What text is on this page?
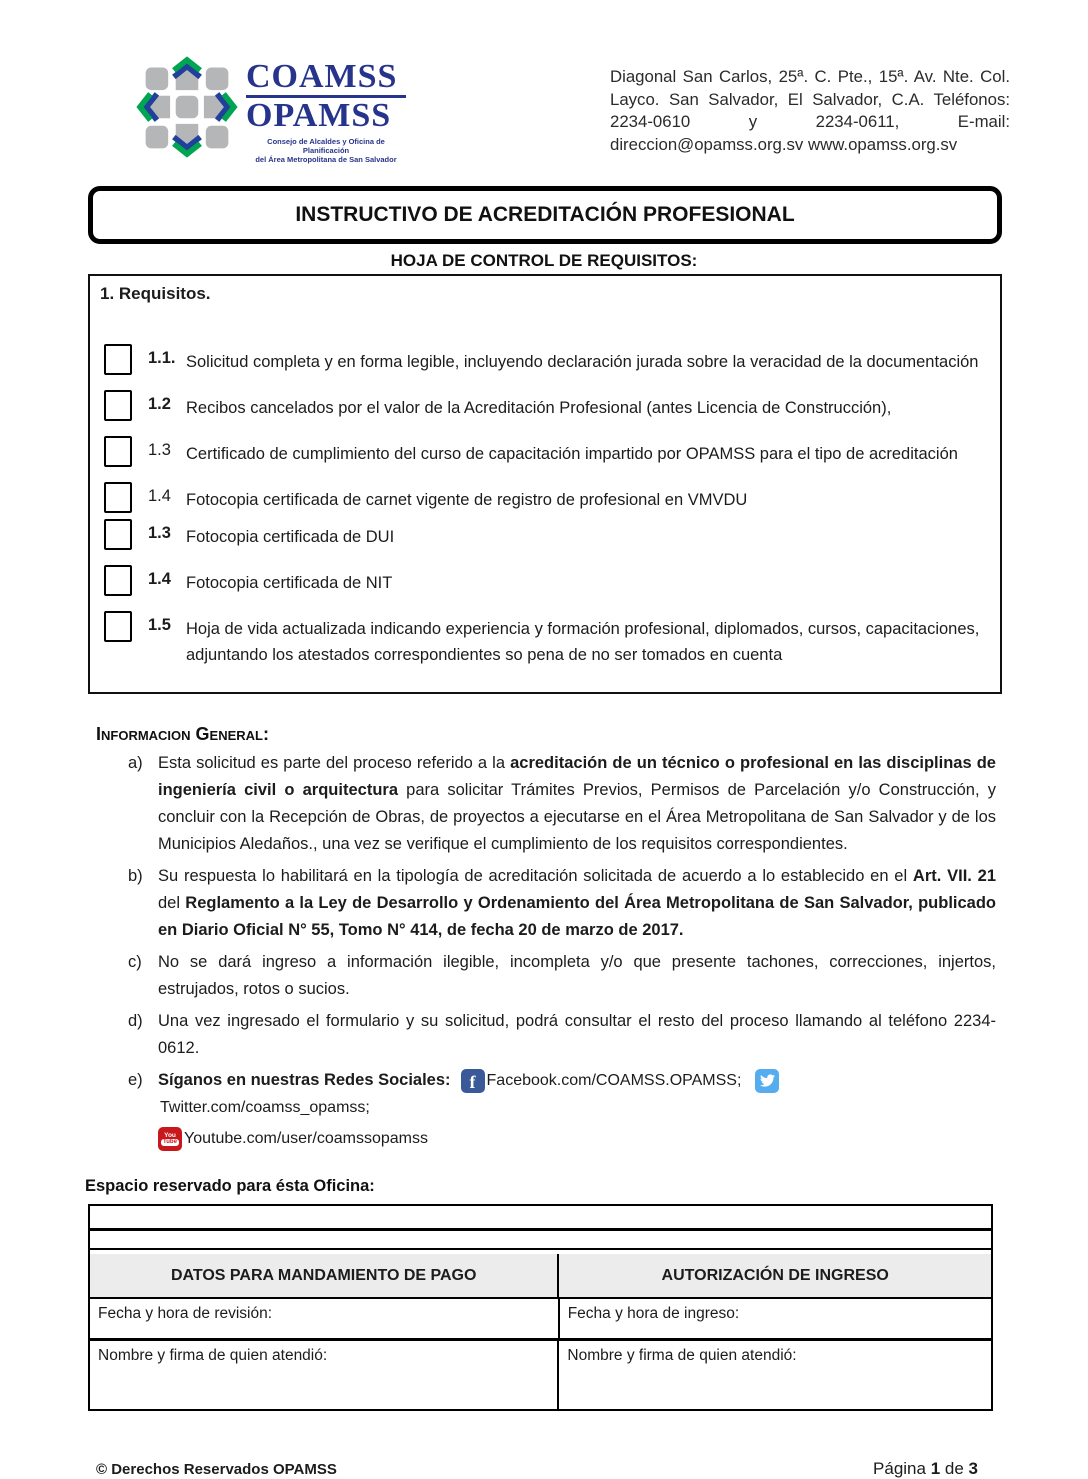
COAMSS
OPAMSS
Consejo de Alcaldes y Oficina de Planificación
del Área Metropolitana de San Salvador
Diagonal San Carlos, 25ª. C. Pte., 15ª. Av. Nte. Col. Layco. San Salvador, El Salvador, C.A. Teléfonos: 2234-0610 y 2234-0611, E-mail: direccion@opamss.org.sv www.opamss.org.sv
INSTRUCTIVO DE ACREDITACIÓN PROFESIONAL
HOJA DE CONTROL DE REQUISITOS:
1. Requisitos.
1.1. Solicitud completa y en forma legible, incluyendo declaración jurada sobre la veracidad de la documentación
1.2 Recibos cancelados por el valor de la Acreditación Profesional (antes Licencia de Construcción),
1.3 Certificado de cumplimiento del curso de capacitación impartido por OPAMSS para el tipo de acreditación
1.4 Fotocopia certificada de carnet vigente de registro de profesional en VMVDU
1.3 Fotocopia certificada de DUI
1.4 Fotocopia certificada de NIT
1.5 Hoja de vida actualizada indicando experiencia y formación profesional, diplomados, cursos, capacitaciones, adjuntando los atestados correspondientes so pena de no ser tomados en cuenta
Informacion General:
a) Esta solicitud es parte del proceso referido a la acreditación de un técnico o profesional en las disciplinas de ingeniería civil o arquitectura para solicitar Trámites Previos, Permisos de Parcelación y/o Construcción, y concluir con la Recepción de Obras, de proyectos a ejecutarse en el Área Metropolitana de San Salvador y de los Municipios Aledaños., una vez se verifique el cumplimiento de los requisitos correspondientes.
b) Su respuesta lo habilitará en la tipología de acreditación solicitada de acuerdo a lo establecido en el Art. VII. 21 del Reglamento a la Ley de Desarrollo y Ordenamiento del Área Metropolitana de San Salvador, publicado en Diario Oficial N° 55, Tomo N° 414, de fecha 20 de marzo de 2017.
c) No se dará ingreso a información ilegible, incompleta y/o que presente tachones, correcciones, injertos, estrujados, rotos o sucios.
d) Una vez ingresado el formulario y su solicitud, podrá consultar el resto del proceso llamando al teléfono 2234-0612.
e) Síganos en nuestras Redes Sociales: f Facebook.com/COAMSS.OPAMSS;
Twitter.com/coamss_opamss;
You
Tube Youtube.com/user/coamssopamss
Espacio reservado para ésta Oficina:
DATOS PARA MANDAMIENTO DE PAGO	AUTORIZACIÓN DE INGRESO
Fecha y hora de revisión:	Fecha y hora de ingreso:
Nombre y firma de quien atendió:	Nombre y firma de quien atendió:
© Derechos Reservados OPAMSS	Página 1 de 3
